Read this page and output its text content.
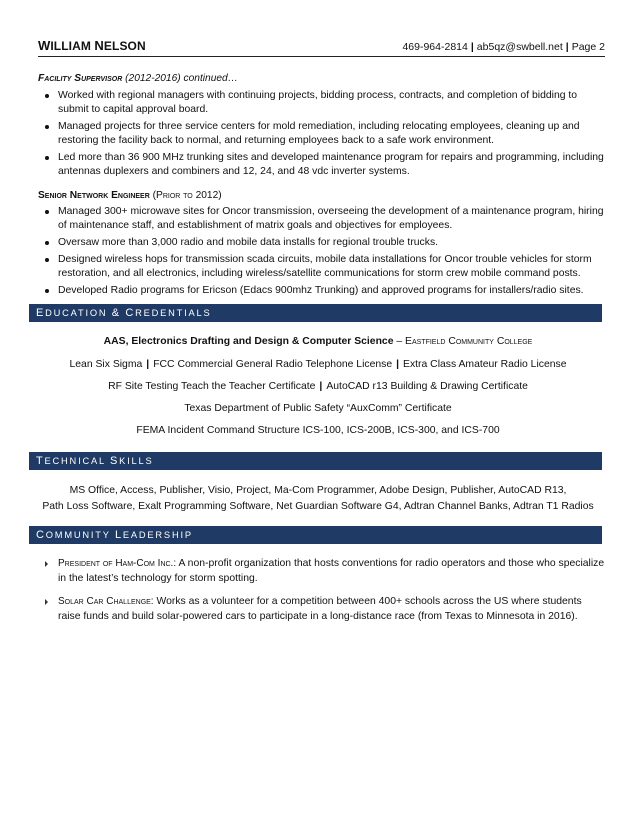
WILLIAM NELSON	469-964-2814 | ab5qz@swbell.net | Page 2
Facility Supervisor (2012-2016) continued…
Worked with regional managers with continuing projects, bidding process, contracts, and completion of bidding to submit to capital approval board.
Managed projects for three service centers for mold remediation, including relocating employees, cleaning up and restoring the facility back to normal, and returning employees back to a safe work environment.
Led more than 36 900 MHz trunking sites and developed maintenance program for repairs and programming, including antennas duplexers and combiners and 12, 24, and 48 vdc inverter systems.
Senior Network Engineer (Prior to 2012)
Managed 300+ microwave sites for Oncor transmission, overseeing the development of a maintenance program, hiring of maintenance staff, and establishment of matrix goals and objectives for employees.
Oversaw more than 3,000 radio and mobile data installs for regional trouble trucks.
Designed wireless hops for transmission scada circuits, mobile data installations for Oncor trouble vehicles for storm restoration, and all electronics, including wireless/satellite communications for storm crew mobile command posts.
Developed Radio programs for Ericson (Edacs 900mhz Trunking) and approved programs for installers/radio sites.
EDUCATION & CREDENTIALS
AAS, Electronics Drafting and Design & Computer Science – Eastfield Community College
Lean Six Sigma | FCC Commercial General Radio Telephone License | Extra Class Amateur Radio License
RF Site Testing Teach the Teacher Certificate | AutoCAD r13 Building & Drawing Certificate
Texas Department of Public Safety “AuxComm” Certificate
FEMA Incident Command Structure ICS-100, ICS-200B, ICS-300, and ICS-700
TECHNICAL SKILLS
MS Office, Access, Publisher, Visio, Project, Ma-Com Programmer, Adobe Design, Publisher, AutoCAD R13,
Path Loss Software, Exalt Programming Software, Net Guardian Software G4, Adtran Channel Banks, Adtran T1 Radios
COMMUNITY LEADERSHIP
President of Ham-Com Inc.: A non-profit organization that hosts conventions for radio operators and those who specialize in the latest’s technology for storm spotting.
Solar Car Challenge: Works as a volunteer for a competition between 400+ schools across the US where students raise funds and build solar-powered cars to participate in a long-distance race (from Texas to Minnesota in 2016).
